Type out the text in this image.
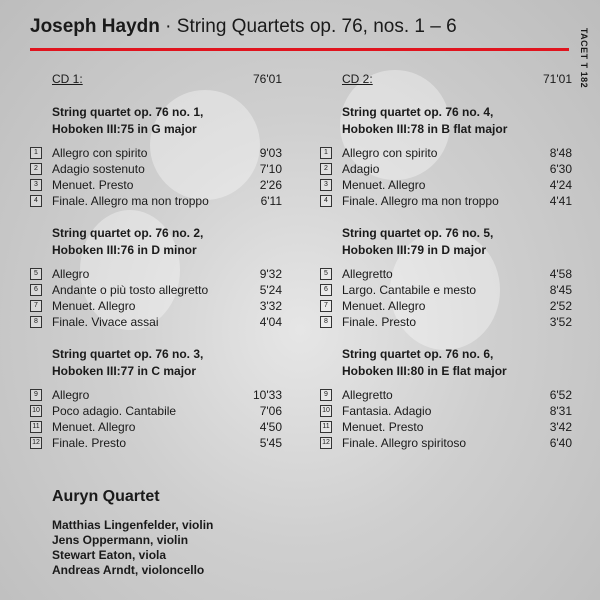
Joseph Haydn · String Quartets op. 76, nos. 1 – 6
TACET T 182
CD 1:	76'01
String quartet op. 76 no. 1,
Hoboken III:75 in G major
1	Allegro con spirito	9'03
2	Adagio sostenuto	7'10
3	Menuet. Presto	2'26
4	Finale. Allegro ma non troppo	6'11
String quartet op. 76 no. 2,
Hoboken III:76 in D minor
5	Allegro	9'32
6	Andante o più tosto allegretto	5'24
7	Menuet. Allegro	3'32
8	Finale. Vivace assai	4'04
String quartet op. 76 no. 3,
Hoboken III:77 in C major
9	Allegro	10'33
10 Poco adagio. Cantabile	7'06
11 Menuet. Allegro	4'50
12 Finale. Presto	5'45
CD 2:	71'01
String quartet op. 76 no. 4,
Hoboken III:78 in B flat major
1	Allegro con spirito	8'48
2	Adagio	6'30
3	Menuet. Allegro	4'24
4	Finale. Allegro ma non troppo	4'41
String quartet op. 76 no. 5,
Hoboken III:79 in D major
5	Allegretto	4'58
6	Largo. Cantabile e mesto	8'45
7	Menuet. Allegro	2'52
8	Finale. Presto	3'52
String quartet op. 76 no. 6,
Hoboken III:80 in E flat major
9	Allegretto	6'52
10 Fantasia. Adagio	8'31
11 Menuet. Presto	3'42
12 Finale. Allegro spiritoso	6'40
Auryn Quartet
Matthias Lingenfelder, violin
Jens Oppermann, violin
Stewart Eaton, viola
Andreas Arndt, violoncello
